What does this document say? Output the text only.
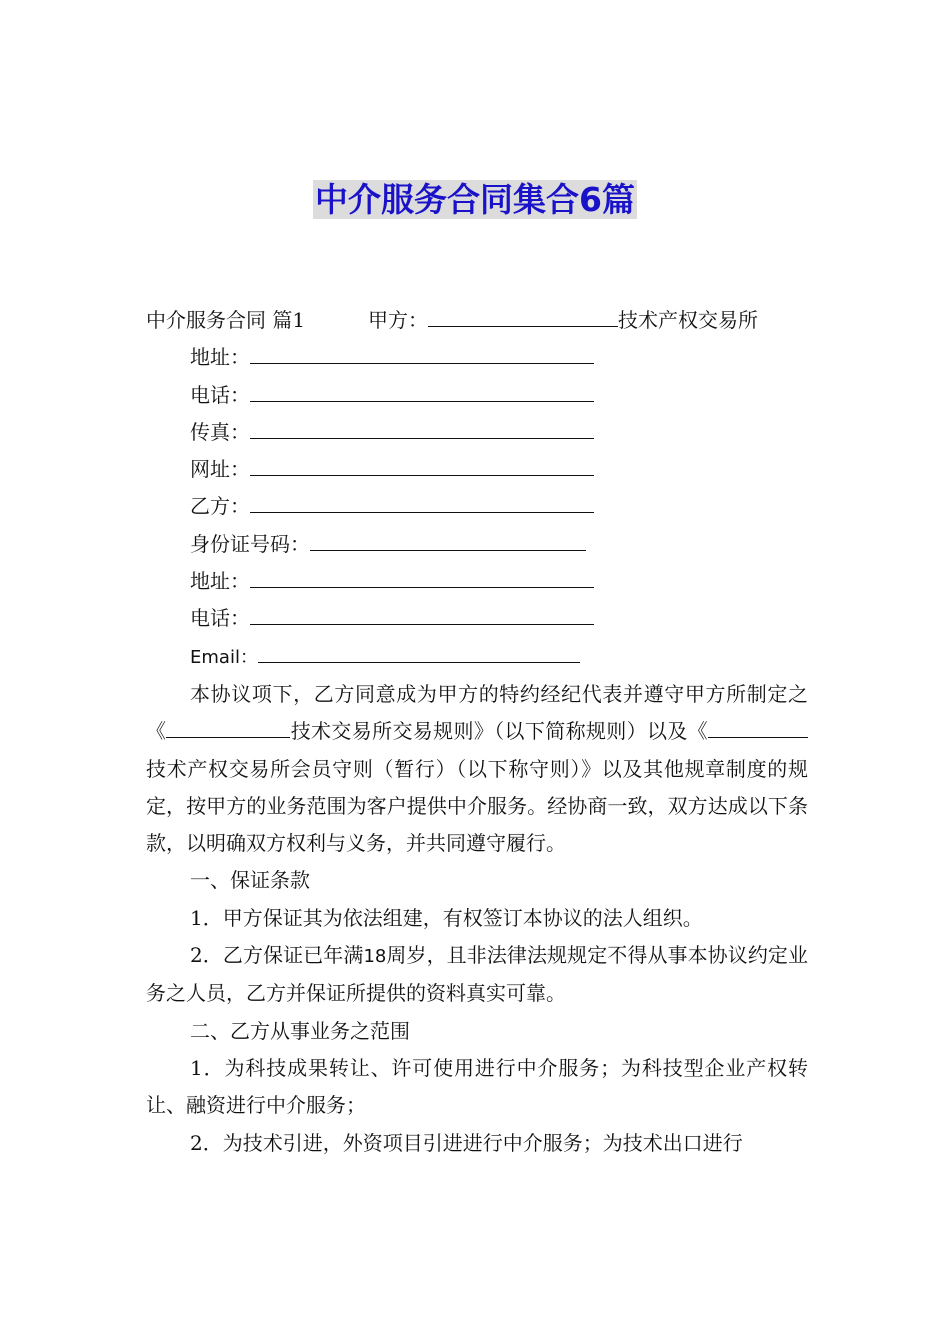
中介服务合同集合6篇
中介服务合同 篇1	甲方：	技术产权交易所
地址：
电话：
传真：
网址：
乙方：
身份证号码：
地址：
电话：
Email：
本协议项下，乙方同意成为甲方的特约经纪代表并遵守甲方所制定之《	技术交易所交易规则》（以下简称规则）以及《技术产权交易所会员守则（暂行）（以下称守则）》以及其他规章制度的规定，按甲方的业务范围为客户提供中介服务。经协商一致，双方达成以下条款，以明确双方权利与义务，并共同遵守履行。
一、保证条款
1．甲方保证其为依法组建，有权签订本协议的法人组织。
2．乙方保证已年满18周岁，且非法律法规规定不得从事本协议约定业务之人员，乙方并保证所提供的资料真实可靠。
二、乙方从事业务之范围
1．为科技成果转让、许可使用进行中介服务；为科技型企业产权转让、融资进行中介服务；
2．为技术引进，外资项目引进进行中介服务；为技术出口进行
